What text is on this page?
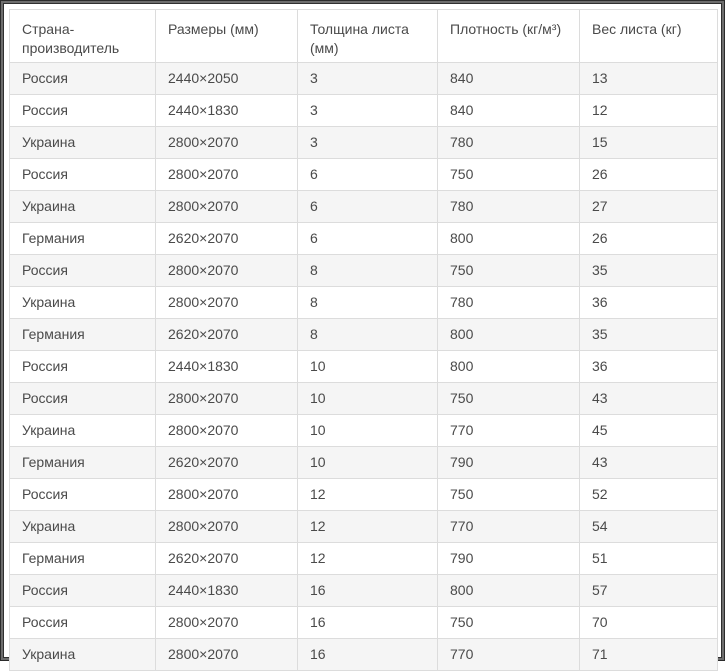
Страна-производитель	Размеры (мм)	Толщина листа (мм)	Плотность (кг/м³)	Вес листа (кг)
Россия	2440×2050	3	840	13
Россия	2440×1830	3	840	12
Украина	2800×2070	3	780	15
Россия	2800×2070	6	750	26
Украина	2800×2070	6	780	27
Германия	2620×2070	6	800	26
Россия	2800×2070	8	750	35
Украина	2800×2070	8	780	36
Германия	2620×2070	8	800	35
Россия	2440×1830	10	800	36
Россия	2800×2070	10	750	43
Украина	2800×2070	10	770	45
Германия	2620×2070	10	790	43
Россия	2800×2070	12	750	52
Украина	2800×2070	12	770	54
Германия	2620×2070	12	790	51
Россия	2440×1830	16	800	57
Россия	2800×2070	16	750	70
Украина	2800×2070	16	770	71
